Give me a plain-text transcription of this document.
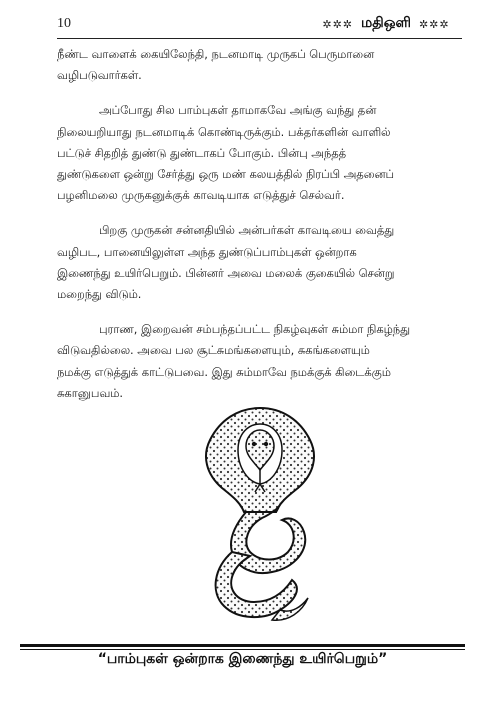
10	✲✲✲ மதிஒளி ✲✲✲

நீண்ட வாளைக் கையிலேந்தி, நடனமாடி முருகப் பெருமானை
வழிபடுவார்கள்.

அப்போது சில பாம்புகள் தாமாகவே அங்கு வந்து தன்
நிலையறியாது நடனமாடிக் கொண்டிருக்கும். பக்தர்களின் வாளில்
பட்டுச் சிதறித் துண்டு துண்டாகப் போகும். பின்பு அந்தத்
துண்டுகளை ஒன்று சேர்த்து ஒரு மண் கலயத்தில் நிரப்பி அதனைப்
பழனிமலை முருகனுக்குக் காவடியாக எடுத்துச் செல்வர்.

பிறகு முருகன் சன்னதியில் அன்பர்கள் காவடியை வைத்து
வழிபட, பானையிலுள்ள அந்த துண்டுப்பாம்புகள் ஒன்றாக
இணைந்து உயிர்பெறும். பின்னர் அவை மலைக் குகையில் சென்று
மறைந்து விடும்.

புராண, இறைவன் சம்பந்தப்பட்ட நிகழ்வுகள் சும்மா நிகழ்ந்து
விடுவதில்லை. அவை பல சூட்சுமங்களையும், சுகங்களையும்
நமக்கு எடுத்துக் காட்டுபவை. இது சும்மாவே நமக்குக் கிடைக்கும்
சுகானுபவம்.

“பாம்புகள் ஒன்றாக இணைந்து உயிர்பெறும்”
